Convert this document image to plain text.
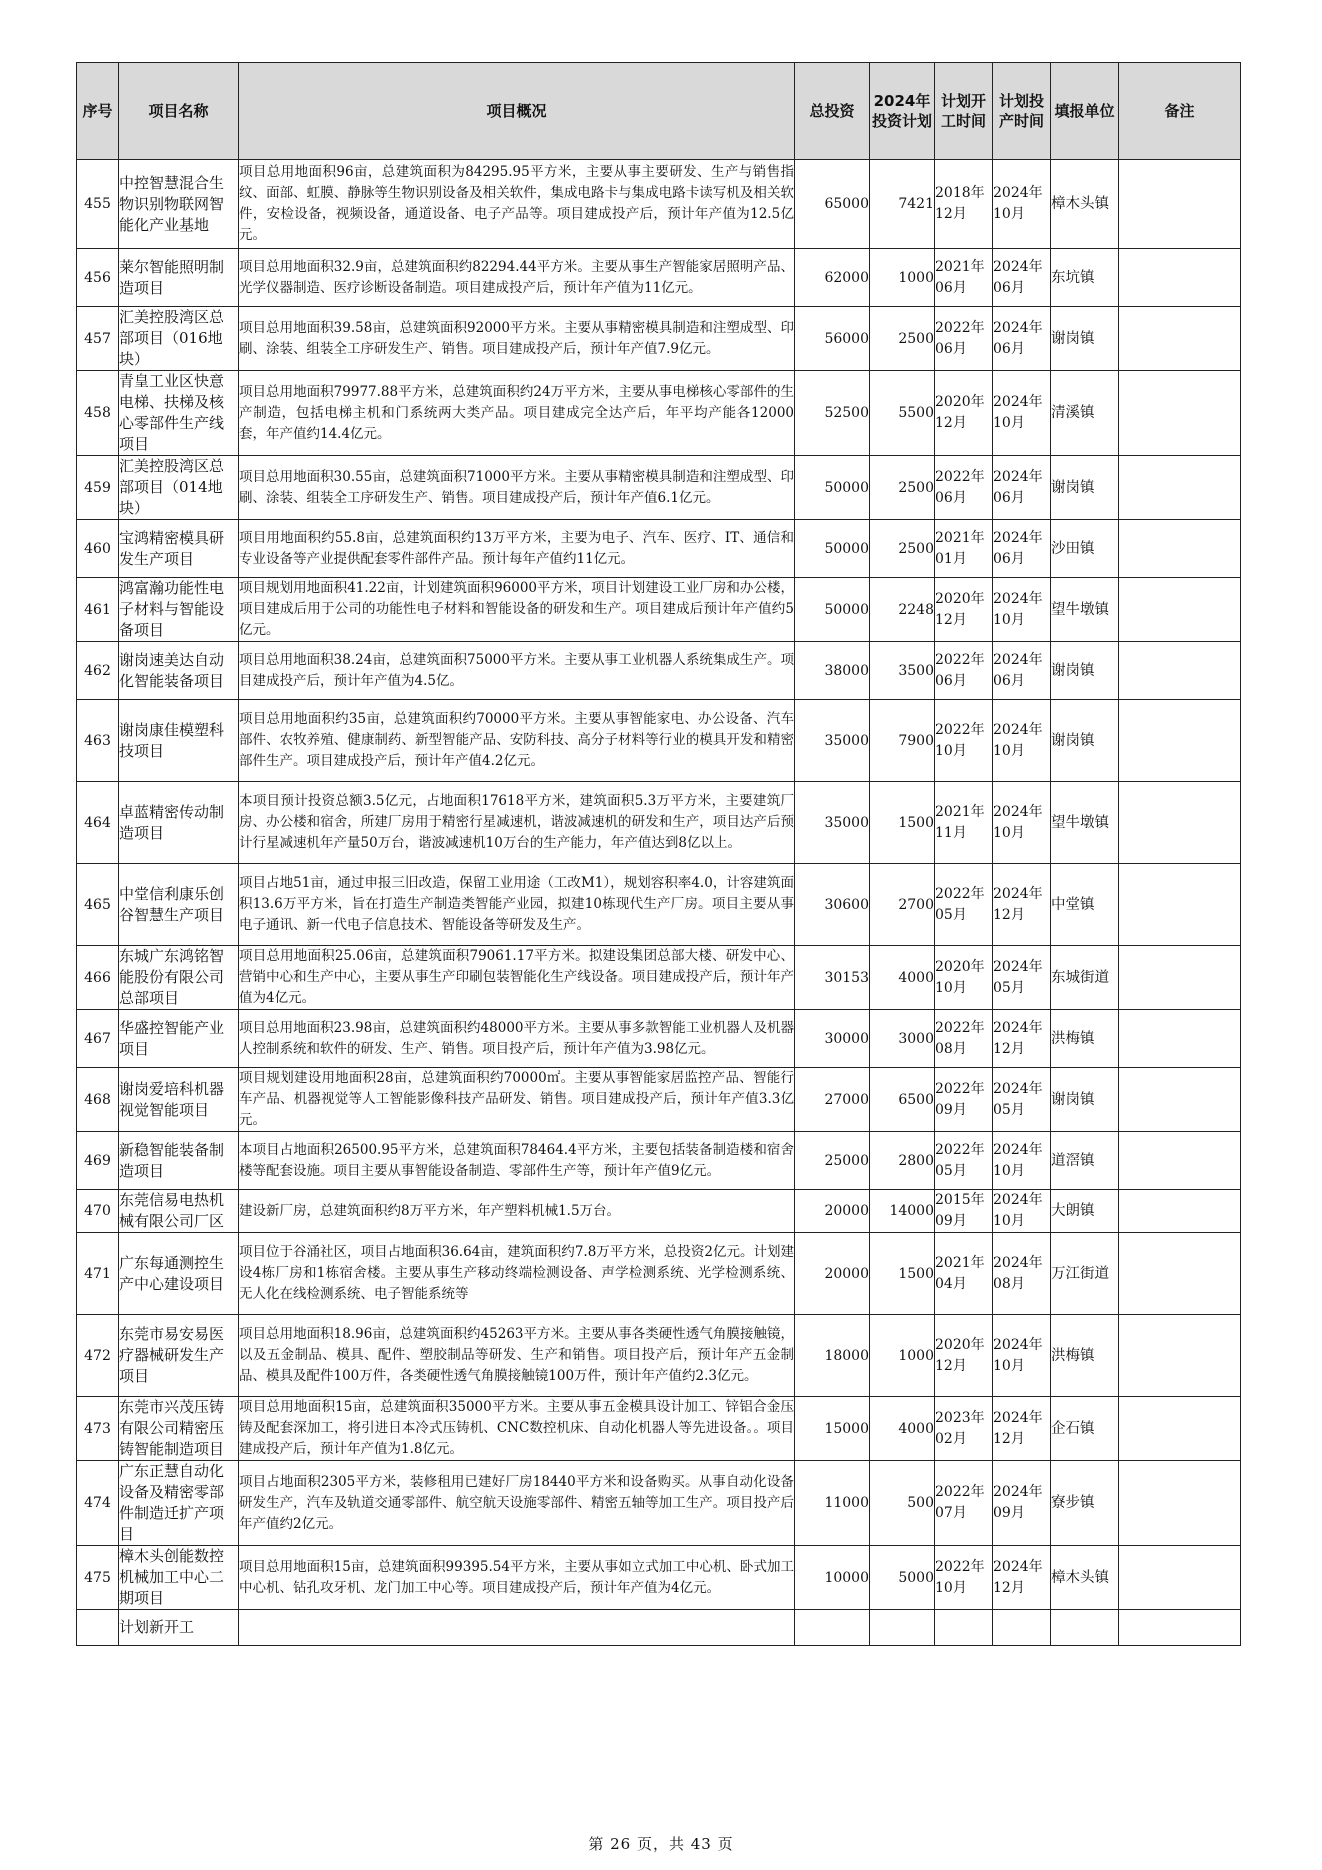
序号	项目名称	项目概况	总投资	2024年投资计划	计划开工时间	计划投产时间	填报单位	备注
455	中控智慧混合生物识别物联网智能化产业基地	项目总用地面积96亩，总建筑面积为84295.95平方米，主要从事主要研发、生产与销售指纹、面部、虹膜、静脉等生物识别设备及相关软件，集成电路卡与集成电路卡读写机及相关软件，安检设备，视频设备，通道设备、电子产品等。项目建成投产后，预计年产值为12.5亿元。	65000	7421	2018年12月	2024年10月	樟木头镇	
456	莱尔智能照明制造项目	项目总用地面积32.9亩，总建筑面积约82294.44平方米。主要从事生产智能家居照明产品、光学仪器制造、医疗诊断设备制造。项目建成投产后，预计年产值为11亿元。	62000	1000	2021年06月	2024年06月	东坑镇	
457	汇美控股湾区总部项目（016地块）	项目总用地面积39.58亩，总建筑面积92000平方米。主要从事精密模具制造和注塑成型、印刷、涂装、组装全工序研发生产、销售。项目建成投产后，预计年产值7.9亿元。	56000	2500	2022年06月	2024年06月	谢岗镇	
458	青皇工业区快意电梯、扶梯及核心零部件生产线项目	项目总用地面积79977.88平方米，总建筑面积约24万平方米，主要从事电梯核心零部件的生产制造，包括电梯主机和门系统两大类产品。项目建成完全达产后，年平均产能各12000套，年产值约14.4亿元。	52500	5500	2020年12月	2024年10月	清溪镇	
459	汇美控股湾区总部项目（014地块）	项目总用地面积30.55亩，总建筑面积71000平方米。主要从事精密模具制造和注塑成型、印刷、涂装、组装全工序研发生产、销售。项目建成投产后，预计年产值6.1亿元。	50000	2500	2022年06月	2024年06月	谢岗镇	
460	宝鸿精密模具研发生产项目	项目用地面积约55.8亩，总建筑面积约13万平方米，主要为电子、汽车、医疗、IT、通信和专业设备等产业提供配套零件部件产品。预计每年产值约11亿元。	50000	2500	2021年01月	2024年06月	沙田镇	
461	鸿富瀚功能性电子材料与智能设备项目	项目规划用地面积41.22亩，计划建筑面积96000平方米，项目计划建设工业厂房和办公楼，项目建成后用于公司的功能性电子材料和智能设备的研发和生产。项目建成后预计年产值约5亿元。	50000	2248	2020年12月	2024年10月	望牛墩镇	
462	谢岗速美达自动化智能装备项目	项目总用地面积38.24亩，总建筑面积75000平方米。主要从事工业机器人系统集成生产。项目建成投产后，预计年产值为4.5亿。	38000	3500	2022年06月	2024年06月	谢岗镇	
463	谢岗康佳模塑科技项目	项目总用地面积约35亩，总建筑面积约70000平方米。主要从事智能家电、办公设备、汽车部件、农牧养殖、健康制药、新型智能产品、安防科技、高分子材料等行业的模具开发和精密部件生产。项目建成投产后，预计年产值4.2亿元。	35000	7900	2022年10月	2024年10月	谢岗镇	
464	卓蓝精密传动制造项目	本项目预计投资总额3.5亿元，占地面积17618平方米，建筑面积5.3万平方米，主要建筑厂房、办公楼和宿舍，所建厂房用于精密行星减速机，谐波减速机的研发和生产，项目达产后预计行星减速机年产量50万台，谐波减速机10万台的生产能力，年产值达到8亿以上。	35000	1500	2021年11月	2024年10月	望牛墩镇	
465	中堂信利康乐创谷智慧生产项目	项目占地51亩，通过申报三旧改造，保留工业用途（工改M1），规划容积率4.0，计容建筑面积13.6万平方米，旨在打造生产制造类智能产业园，拟建10栋现代生产厂房。项目主要从事电子通讯、新一代电子信息技术、智能设备等研发及生产。	30600	2700	2022年05月	2024年12月	中堂镇	
466	东城广东鸿铭智能股份有限公司总部项目	项目总用地面积25.06亩，总建筑面积79061.17平方米。拟建设集团总部大楼、研发中心、营销中心和生产中心，主要从事生产印刷包装智能化生产线设备。项目建成投产后，预计年产值为4亿元。	30153	4000	2020年10月	2024年05月	东城街道	
467	华盛控智能产业项目	项目总用地面积23.98亩，总建筑面积约48000平方米。主要从事多款智能工业机器人及机器人控制系统和软件的研发、生产、销售。项目投产后，预计年产值为3.98亿元。	30000	3000	2022年08月	2024年12月	洪梅镇	
468	谢岗爱培科机器视觉智能项目	项目规划建设用地面积28亩，总建筑面积约70000㎡。主要从事智能家居监控产品、智能行车产品、机器视觉等人工智能影像科技产品研发、销售。项目建成投产后，预计年产值3.3亿元。	27000	6500	2022年09月	2024年05月	谢岗镇	
469	新稳智能装备制造项目	本项目占地面积26500.95平方米，总建筑面积78464.4平方米，主要包括装备制造楼和宿舍楼等配套设施。项目主要从事智能设备制造、零部件生产等，预计年产值9亿元。	25000	2800	2022年05月	2024年10月	道滘镇	
470	东莞信易电热机械有限公司厂区	建设新厂房，总建筑面积约8万平方米，年产塑料机械1.5万台。	20000	14000	2015年09月	2024年10月	大朗镇	
471	广东每通测控生产中心建设项目	项目位于谷涌社区，项目占地面积36.64亩，建筑面积约7.8万平方米，总投资2亿元。计划建设4栋厂房和1栋宿舍楼。主要从事生产移动终端检测设备、声学检测系统、光学检测系统、无人化在线检测系统、电子智能系统等	20000	1500	2021年04月	2024年08月	万江街道	
472	东莞市易安易医疗器械研发生产项目	项目总用地面积18.96亩，总建筑面积约45263平方米。主要从事各类硬性透气角膜接触镜，以及五金制品、模具、配件、塑胶制品等研发、生产和销售。项目投产后，预计年产五金制品、模具及配件100万件，各类硬性透气角膜接触镜100万件，预计年产值约2.3亿元。	18000	1000	2020年12月	2024年10月	洪梅镇	
473	东莞市兴茂压铸有限公司精密压铸智能制造项目	项目总用地面积15亩，总建筑面积35000平方米。主要从事五金模具设计加工、锌铝合金压铸及配套深加工，将引进日本冷式压铸机、CNC数控机床、自动化机器人等先进设备。。项目建成投产后，预计年产值为1.8亿元。	15000	4000	2023年02月	2024年12月	企石镇	
474	广东正慧自动化设备及精密零部件制造迁扩产项目	项目占地面积2305平方米，装修租用已建好厂房18440平方米和设备购买。从事自动化设备研发生产，汽车及轨道交通零部件、航空航天设施零部件、精密五轴等加工生产。项目投产后年产值约2亿元。	11000	500	2022年07月	2024年09月	寮步镇	
475	樟木头创能数控机械加工中心二期项目	项目总用地面积15亩，总建筑面积99395.54平方米，主要从事如立式加工中心机、卧式加工中心机、钻孔攻牙机、龙门加工中心等。项目建成投产后，预计年产值为4亿元。	10000	5000	2022年10月	2024年12月	樟木头镇	
	计划新开工							
第 26 页，共 43 页
